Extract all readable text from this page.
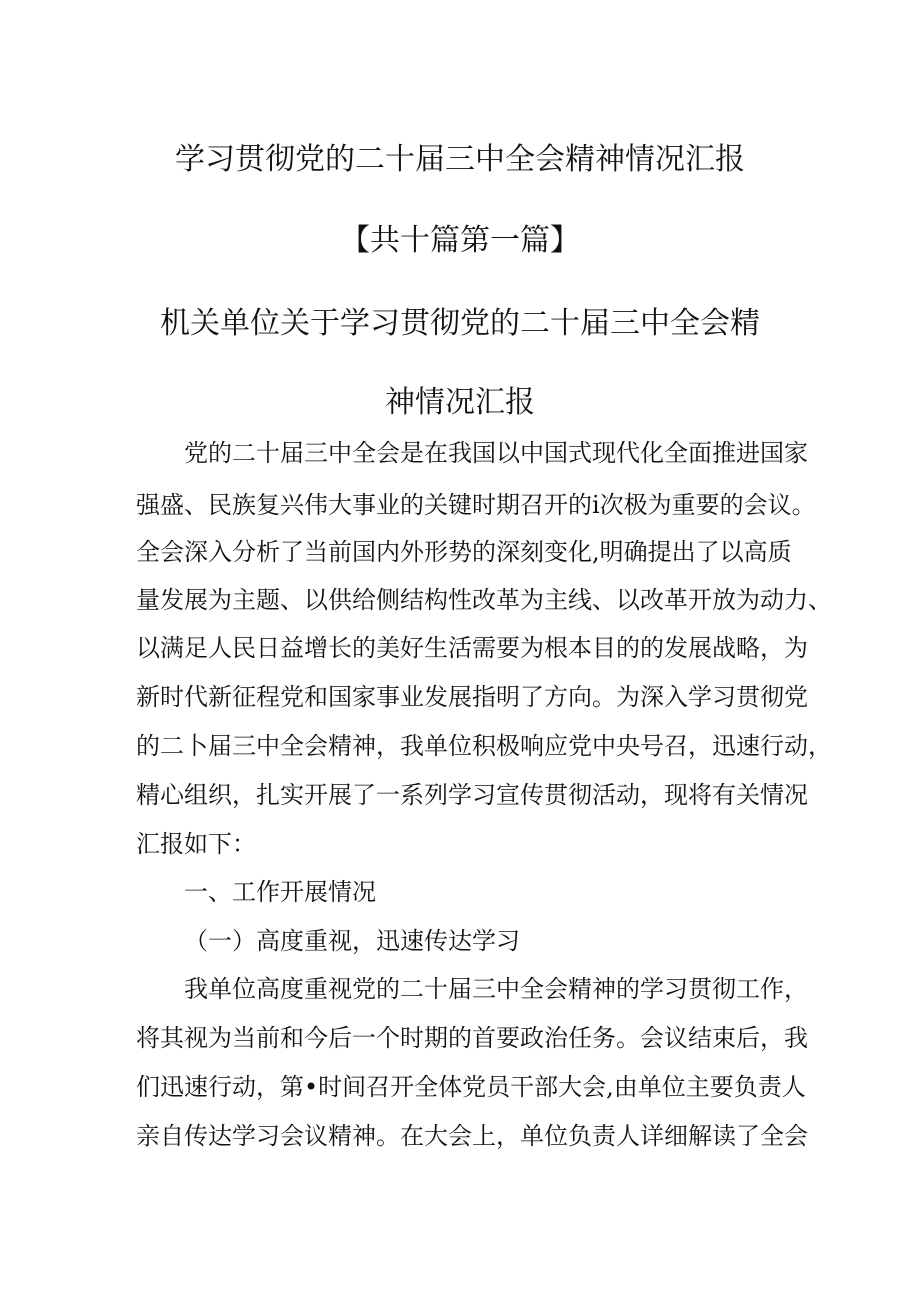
学习贯彻党的二十届三中全会精神情况汇报
【共十篇第一篇】
机关单位关于学习贯彻党的二十届三中全会精
神情况汇报
党的二十届三中全会是在我国以中国式现代化全面推进国家
强盛、民族复兴伟大事业的关键时期召开的i次极为重要的会议。
全会深入分析了当前国内外形势的深刻变化,明确提出了以高质
量发展为主题、以供给侧结构性改革为主线、以改革开放为动力、
以满足人民日益增长的美好生活需要为根本目的的发展战略，为
新时代新征程党和国家事业发展指明了方向。为深入学习贯彻党
的二卜届三中全会精神，我单位积极响应党中央号召，迅速行动，
精心组织，扎实开展了一系列学习宣传贯彻活动，现将有关情况
汇报如下：
一、工作开展情况
（一）高度重视，迅速传达学习
我单位高度重视党的二十届三中全会精神的学习贯彻工作，
将其视为当前和今后一个时期的首要政治任务。会议结束后，我
们迅速行动，第•时间召开全体党员干部大会,由单位主要负责人
亲自传达学习会议精神。在大会上，单位负责人详细解读了全会
